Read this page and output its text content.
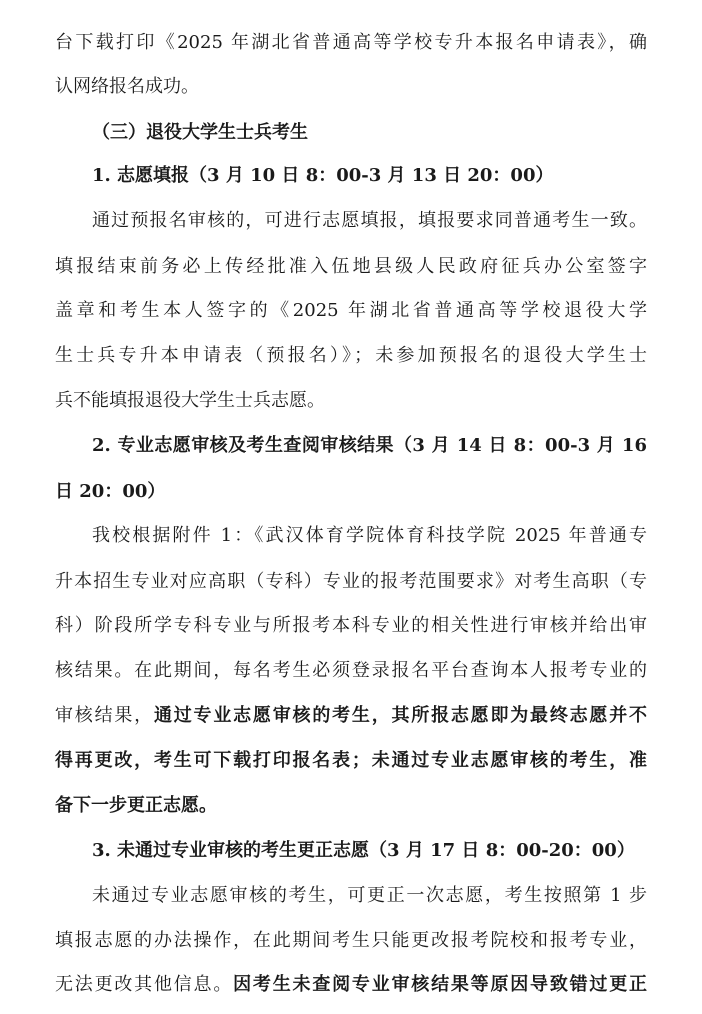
台下载打印《2025 年湖北省普通高等学校专升本报名申请表》，确
认网络报名成功。
（三）退役大学生士兵考生
1. 志愿填报（3 月 10 日 8：00-3 月 13 日 20：00）
通过预报名审核的，可进行志愿填报，填报要求同普通考生一致。
填报结束前务必上传经批准入伍地县级人民政府征兵办公室签字
盖章和考生本人签字的《2025 年湖北省普通高等学校退役大学
生士兵专升本申请表（预报名）》；未参加预报名的退役大学生士
兵不能填报退役大学生士兵志愿。
2. 专业志愿审核及考生查阅审核结果（3 月 14 日 8：00-3 月 16
日 20：00）
我校根据附件 1：《武汉体育学院体育科技学院 2025 年普通专
升本招生专业对应高职（专科）专业的报考范围要求》对考生高职（专
科）阶段所学专科专业与所报考本科专业的相关性进行审核并给出审
核结果。在此期间，每名考生必须登录报名平台查询本人报考专业的
审核结果，通过专业志愿审核的考生，其所报志愿即为最终志愿并不
得再更改，考生可下载打印报名表；未通过专业志愿审核的考生，准
备下一步更正志愿。
3. 未通过专业审核的考生更正志愿（3 月 17 日 8：00-20：00）
未通过专业志愿审核的考生，可更正一次志愿，考生按照第 1 步
填报志愿的办法操作，在此期间考生只能更改报考院校和报考专业，
无法更改其他信息。因考生未查阅专业审核结果等原因导致错过更正
